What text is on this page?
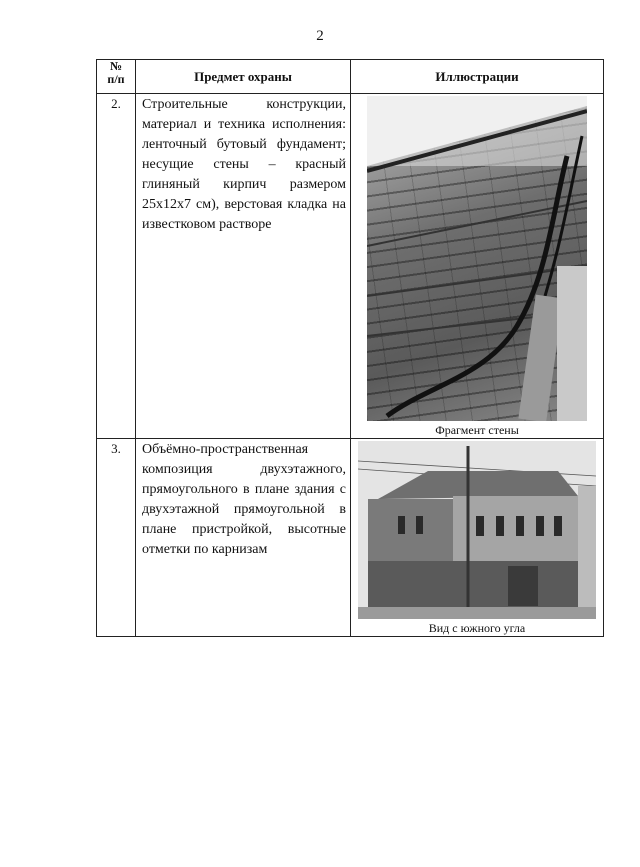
2
№
п/п	Предмет охраны	Иллюстрации
2.	Строительные конструкции, материал и техника исполнения: ленточный бутовый фундамент; несущие стены – красный глиняный кирпич размером 25х12х7 см), верстовая кладка на известковом растворе	Фрагмент стены

3.	Объёмно-пространственная композиция двухэтажного, прямоугольного в плане здания с двухэтажной прямоугольной в плане пристройкой, высотные отметки по карнизам	Вид с южного угла
